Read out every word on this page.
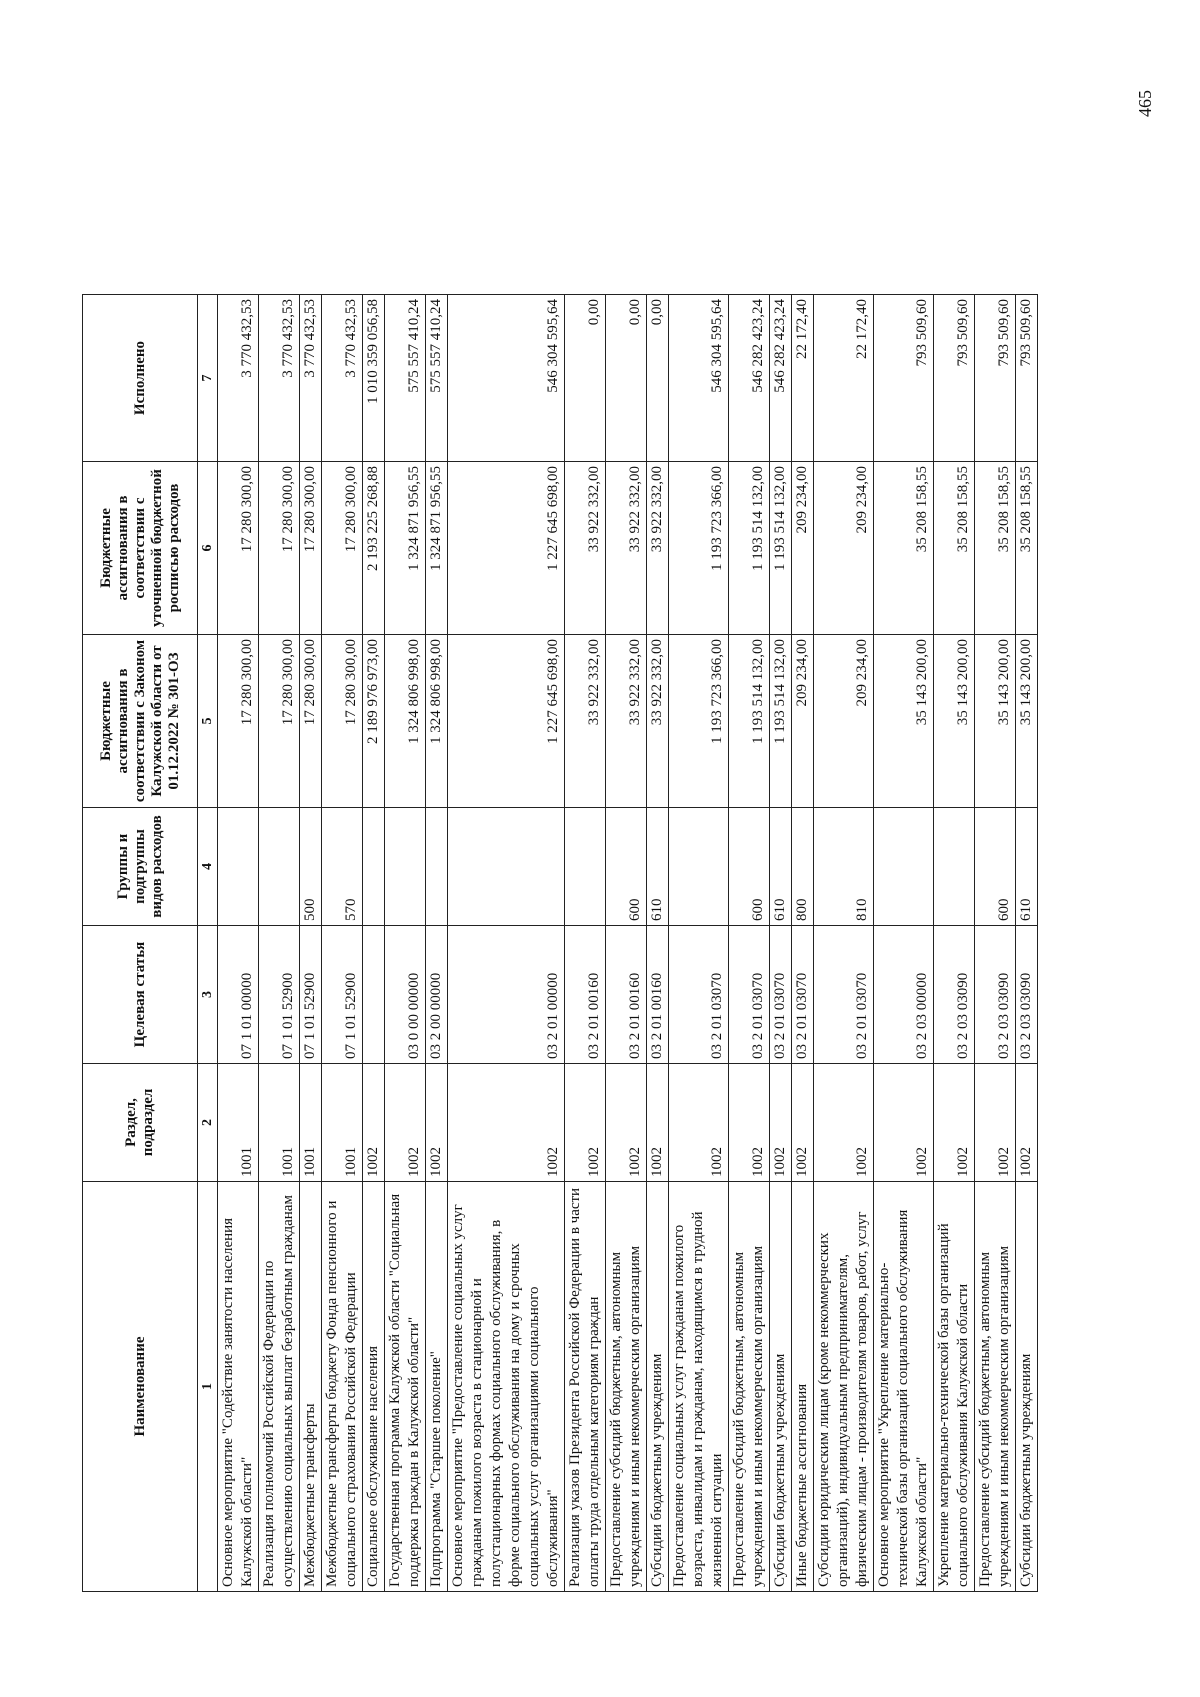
465
Наименование	Раздел, подраздел	Целевая статья	Группы и подгруппы видов расходов	Бюджетные ассигнования в соответствии с Законом Калужской области от 01.12.2022 № 301-ОЗ	Бюджетные ассигнования в соответствии с уточненной бюджетной росписью расходов	Исполнено
1	2	3	4	5	6	7
Основное мероприятие "Содействие занятости населения Калужской области"	1001	07 1 01 00000		17 280 300,00	17 280 300,00	3 770 432,53
Реализация полномочий Российской Федерации по осуществлению социальных выплат безработным гражданам	1001	07 1 01 52900		17 280 300,00	17 280 300,00	3 770 432,53
Межбюджетные трансферты	1001	07 1 01 52900	500	17 280 300,00	17 280 300,00	3 770 432,53
Межбюджетные трансферты бюджету Фонда пенсионного и социального страхования Российской Федерации	1001	07 1 01 52900	570	17 280 300,00	17 280 300,00	3 770 432,53
Социальное обслуживание населения	1002			2 189 976 973,00	2 193 225 268,88	1 010 359 056,58
Государственная программа Калужской области "Социальная поддержка граждан в Калужской области"	1002	03 0 00 00000		1 324 806 998,00	1 324 871 956,55	575 557 410,24
Подпрограмма "Старшее поколение"	1002	03 2 00 00000		1 324 806 998,00	1 324 871 956,55	575 557 410,24
Основное мероприятие "Предоставление социальных услуг гражданам пожилого возраста в стационарной и полустационарных формах социального обслуживания, в форме социального обслуживания на дому и срочных социальных услуг организациями социального обслуживания"	1002	03 2 01 00000		1 227 645 698,00	1 227 645 698,00	546 304 595,64
Реализация указов Президента Российской Федерации в части оплаты труда отдельным категориям граждан	1002	03 2 01 00160		33 922 332,00	33 922 332,00	0,00
Предоставление субсидий бюджетным, автономным учреждениям и иным некоммерческим организациям	1002	03 2 01 00160	600	33 922 332,00	33 922 332,00	0,00
Субсидии бюджетным учреждениям	1002	03 2 01 00160	610	33 922 332,00	33 922 332,00	0,00
Предоставление социальных услуг гражданам пожилого возраста, инвалидам и гражданам, находящимся в трудной жизненной ситуации	1002	03 2 01 03070		1 193 723 366,00	1 193 723 366,00	546 304 595,64
Предоставление субсидий бюджетным, автономным учреждениям и иным некоммерческим организациям	1002	03 2 01 03070	600	1 193 514 132,00	1 193 514 132,00	546 282 423,24
Субсидии бюджетным учреждениям	1002	03 2 01 03070	610	1 193 514 132,00	1 193 514 132,00	546 282 423,24
Иные бюджетные ассигнования	1002	03 2 01 03070	800	209 234,00	209 234,00	22 172,40
Субсидии юридическим лицам (кроме некоммерческих организаций), индивидуальным предпринимателям, физическим лицам - производителям товаров, работ, услуг	1002	03 2 01 03070	810	209 234,00	209 234,00	22 172,40
Основное мероприятие "Укрепление материально-технической базы организаций социального обслуживания Калужской области"	1002	03 2 03 00000		35 143 200,00	35 208 158,55	793 509,60
Укрепление материально-технической базы организаций социального обслуживания Калужской области	1002	03 2 03 03090		35 143 200,00	35 208 158,55	793 509,60
Предоставление субсидий бюджетным, автономным учреждениям и иным некоммерческим организациям	1002	03 2 03 03090	600	35 143 200,00	35 208 158,55	793 509,60
Субсидии бюджетным учреждениям	1002	03 2 03 03090	610	35 143 200,00	35 208 158,55	793 509,60
